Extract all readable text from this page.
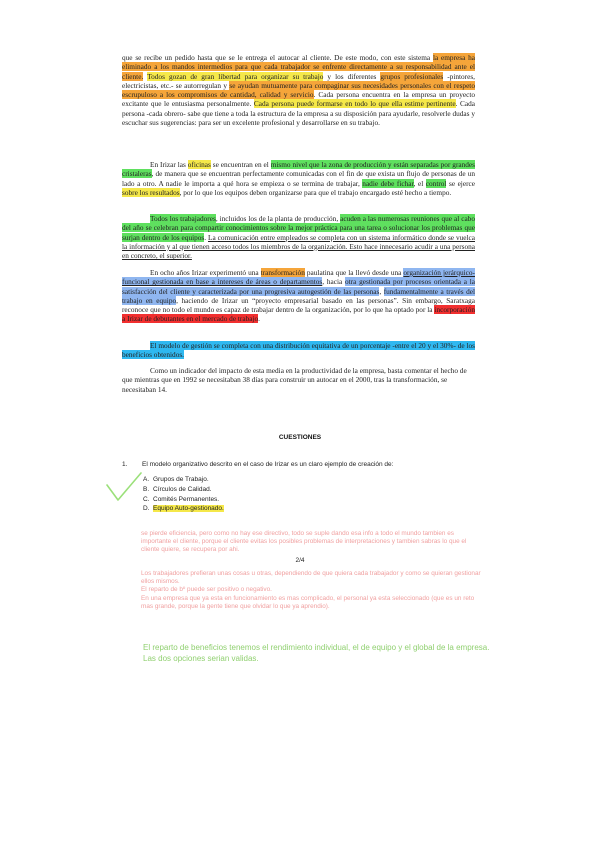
que se recibe un pedido hasta que se le entrega el autocar al cliente. De este modo, con este sistema la empresa ha eliminado a los mandos intermedios para que cada trabajador se enfrente directamente a su responsabilidad ante el cliente. Todos gozan de gran libertad para organizar su trabajo y los diferentes grupos profesionales -pintores, electricistas, etc.- se autorregulan y se ayudan mutuamente para compaginar sus necesidades personales con el respeto escrupuloso a los compromisos de cantidad, calidad y servicio. Cada persona encuentra en la empresa un proyecto excitante que le entusiasma personalmente. Cada persona puede formarse en todo lo que ella estime pertinente. Cada persona -cada obrero- sabe que tiene a toda la estructura de la empresa a su disposición para ayudarle, resolverle dudas y escuchar sus sugerencias: para ser un excelente profesional y desarrollarse en su trabajo.

En Irizar las oficinas se encuentran en el mismo nivel que la zona de producción y están separadas por grandes cristaleras, de manera que se encuentran perfectamente comunicadas con el fin de que exista un flujo de personas de un lado a otro. A nadie le importa a qué hora se empieza o se termina de trabajar, nadie debe fichar, el control se ejerce sobre los resultados, por lo que los equipos deben organizarse para que el trabajo encargado esté hecho a tiempo.

Todos los trabajadores, incluidos los de la planta de producción, acuden a las numerosas reuniones que al cabo del año se celebran para compartir conocimientos sobre la mejor práctica para una tarea o solucionar los problemas que surjan dentro de los equipos. La comunicación entre empleados se completa con un sistema informático donde se vuelca la información y al que tienen acceso todos los miembros de la organización. Esto hace innecesario acudir a una persona en concreto, el superior.

En ocho años Irizar experimentó una transformación paulatina que la llevó desde una organización jerárquico-funcional gestionada en base a intereses de áreas o departamentos, hacia otra gestionada por procesos orientada a la satisfacción del cliente y caracterizada por una progresiva autogestión de las personas, fundamentalmente a través del trabajo en equipo, haciendo de Irizar un “proyecto empresarial basado en las personas”. Sin embargo, Saratxaga reconoce que no todo el mundo es capaz de trabajar dentro de la organización, por lo que ha optado por la incorporación a Irizar de debutantes en el mercado de trabajo.

El modelo de gestión se completa con una distribución equitativa de un porcentaje -entre el 20 y el 30%- de los beneficios obtenidos.

Como un indicador del impacto de esta media en la productividad de la empresa, basta comentar el hecho de que mientras que en 1992 se necesitaban 38 días para construir un autocar en el 2000, tras la transformación, se necesitaban 14.

CUESTIONES
1. El modelo organizativo descrito en el caso de Irizar es un claro ejemplo de creación de:
A. Grupos de Trabajo.
B. Círculos de Calidad.
C. Comités Permanentes.
D. Equipo Auto-gestionado.

se pierde eficiencia, pero como no hay ese directivo, todo se suple dando esa info a todo el mundo tambien es importante el cliente, porque el cliente evitas los posibles problemas de interpretaciones y tambien sabras lo que el cliente quiere, se recupera por ahi.

2/4
Los trabajadores prefieran unas cosas u otras, dependiendo de que quiera cada trabajador y como se quieran gestionar ellos mismos.
El reparto de bº puede ser positivo o negativo.
En una empresa que ya esta en funcionamiento es mas complicado, el personal ya esta seleccionado (que es un reto mas grande, porque la gente tiene que olvidar lo que ya aprendio).
El reparto de beneficios tenemos el rendimiento individual, el de equipo y el global de la empresa.
Las dos opciones serian validas.
